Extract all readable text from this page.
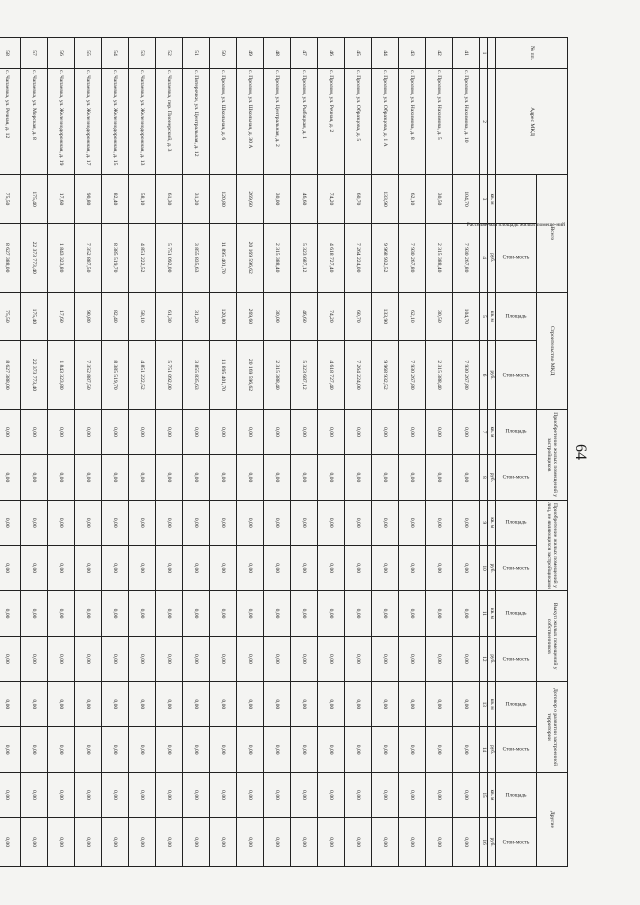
64
№ пп.	Адрес МКД	Всего		Строительство МКД		Приобретение жилых помещений у застройщиков		Приобретение жилых помещений у лиц, не являющихся застройщиками		Выкуп жилых помещений у собственников		Договор о развитии застроенной территории		Другие	
		Расселяе-мая площадь жилых помеще-ний	Стои-мость	Площадь	Стои-мость	Площадь	Стои-мость	Площадь	Стои-мость	Площадь	Стои-мость	Площадь	Стои-мость	Площадь	Стои-мость
		кв. м	руб.	кв. м	руб.	кв. м	руб.	кв. м	руб.	кв. м	руб.	кв. м	руб.	кв. м	руб.
1	2	3	4	5	6	7	8	9	10	11	12	13	14	15	16
41	с. Пролом, ул. Нахимова, д. 10	104,70	7 930 267,80	104,70	7 930 267,80	0,00	0,00	0,00	0,00	0,00	0,00	0,00	0,00	0,00	0,00
42	с. Пролом, ул. Нахимова, д. 5	30,50	2 315 388,40	30,50	2 315 388,40	0,00	0,00	0,00	0,00	0,00	0,00	0,00	0,00	0,00	0,00
43	с. Пролом, ул. Нахимова, д. 8	62,10	7 930 267,80	62,10	7 930 267,80	0,00	0,00	0,00	0,00	0,00	0,00	0,00	0,00	0,00	0,00
44	с. Пролом, ул. Образцова, д. 1 А	133,90	9 968 932,52	133,90	9 968 932,52	0,00	0,00	0,00	0,00	0,00	0,00	0,00	0,00	0,00	0,00
45	с. Пролом, ул. Образцова, д. 5	60,70	7 264 224,00	60,70	7 264 224,00	0,00	0,00	0,00	0,00	0,00	0,00	0,00	0,00	0,00	0,00
46	с. Пролом, ул. Речная, д. 2	74,20	4 618 727,40	74,20	4 618 727,40	0,00	0,00	0,00	0,00	0,00	0,00	0,00	0,00	0,00	0,00
47	с. Пролом, ул. Рыбацкая, д. 1	46,60	5 323 687,12	46,60	5 323 687,12	0,00	0,00	0,00	0,00	0,00	0,00	0,00	0,00	0,00	0,00
48	с. Пролом, ул. Центральная, д. 2	30,00	2 315 388,40	30,00	2 315 388,40	0,00	0,00	0,00	0,00	0,00	0,00	0,00	0,00	0,00	0,00
49	с. Пролом, ул. Школьная, д. 30 А	269,60	20 169 596,62	269,60	20 169 596,62	0,00	0,00	0,00	0,00	0,00	0,00	0,00	0,00	0,00	0,00
50	с. Пролом, ул. Школьная, д. 6	120,80	11 895 401,70	120,80	11 895 401,70	0,00	0,00	0,00	0,00	0,00	0,00	0,00	0,00	0,00	0,00
51	с. Пятерочки, ул. Центральная, д. 12	31,20	3 855 835,63	31,20	3 855 835,63	0,00	0,00	0,00	0,00	0,00	0,00	0,00	0,00	0,00	0,00
52	с. Чапаевка, пер. Пионерский, д. 3	61,30	5 751 092,00	61,30	5 751 092,00	0,00	0,00	0,00	0,00	0,00	0,00	0,00	0,00	0,00	0,00
53	с. Чапаевка, ул. Железнодорожная, д. 13	58,10	4 851 222,52	58,10	4 851 222,52	0,00	0,00	0,00	0,00	0,00	0,00	0,00	0,00	0,00	0,00
54	с. Чапаевка, ул. Железнодорожная, д. 15	82,40	8 385 519,70	82,40	8 385 519,70	0,00	0,00	0,00	0,00	0,00	0,00	0,00	0,00	0,00	0,00
55	с. Чапаевка, ул. Железнодорожная, д. 17	90,80	7 352 887,50	90,80	7 352 887,50	0,00	0,00	0,00	0,00	0,00	0,00	0,00	0,00	0,00	0,00
56	с. Чапаевка, ул. Железнодорожная, д. 19	17,60	1 843 323,80	17,60	1 843 323,80	0,00	0,00	0,00	0,00	0,00	0,00	0,00	0,00	0,00	0,00
57	с. Чапаевка, ул. Морская, д. 8	175,40	22 373 773,40	175,40	22 373 773,40	0,00	0,00	0,00	0,00	0,00	0,00	0,00	0,00	0,00	0,00
58	с. Чапаевка, ул. Речная, д. 12	75,50	8 627 388,00	75,50	8 627 388,00	0,00	0,00	0,00	0,00	0,00	0,00	0,00	0,00	0,00	0,00
